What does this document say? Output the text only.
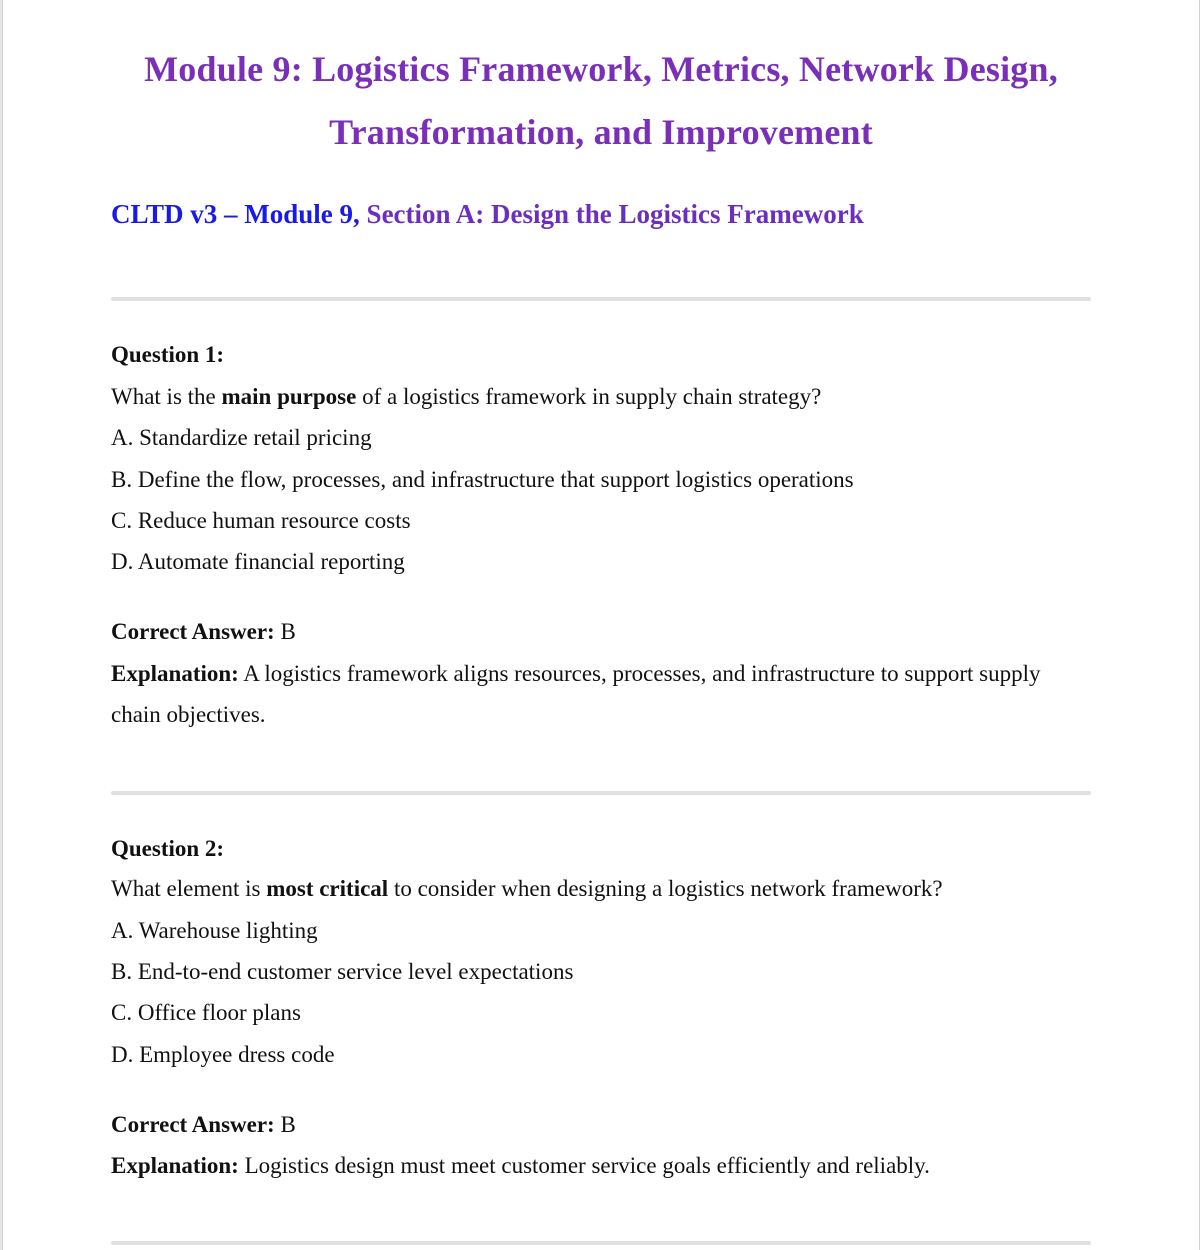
Module 9: Logistics Framework, Metrics, Network Design,
Transformation, and Improvement
CLTD v3 – Module 9, Section A: Design the Logistics Framework
Question 1:
What is the main purpose of a logistics framework in supply chain strategy?
A. Standardize retail pricing
B. Define the flow, processes, and infrastructure that support logistics operations
C. Reduce human resource costs
D. Automate financial reporting
Correct Answer: B
Explanation: A logistics framework aligns resources, processes, and infrastructure to support supply
chain objectives.
Question 2:
What element is most critical to consider when designing a logistics network framework?
A. Warehouse lighting
B. End-to-end customer service level expectations
C. Office floor plans
D. Employee dress code
Correct Answer: B
Explanation: Logistics design must meet customer service goals efficiently and reliably.
